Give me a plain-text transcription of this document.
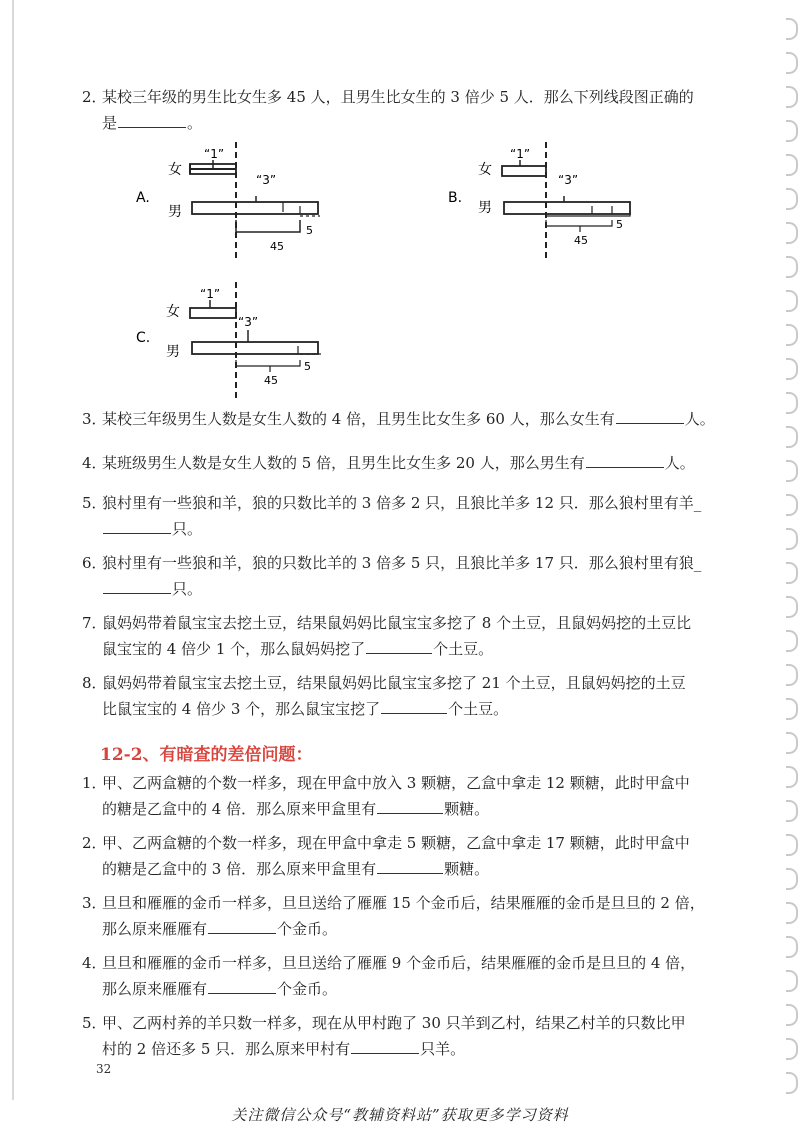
2．
某校三年级的男生比女生多 45 人，且男生比女生的 3 倍少 5 人．那么下列线段图正确的
是	。
A.
女
男
“1”
“3”
5
45
B.
女
男
“1”
“3”
5
45
C.
女
男
“1”
“3”
5
45
3．
某校三年级男生人数是女生人数的 4 倍，且男生比女生多 60 人，那么女生有	人。
4．
某班级男生人数是女生人数的 5 倍，且男生比女生多 20 人，那么男生有	人。
5．
狼村里有一些狼和羊，狼的只数比羊的 3 倍多 2 只，且狼比羊多 12 只．那么狼村里有羊_
只。
6．
狼村里有一些狼和羊，狼的只数比羊的 3 倍多 5 只，且狼比羊多 17 只．那么狼村里有狼_
只。
7．
鼠妈妈带着鼠宝宝去挖土豆，结果鼠妈妈比鼠宝宝多挖了 8 个土豆，且鼠妈妈挖的土豆比
鼠宝宝的 4 倍少 1 个，那么鼠妈妈挖了	个土豆。
8．
鼠妈妈带着鼠宝宝去挖土豆，结果鼠妈妈比鼠宝宝多挖了 21 个土豆，且鼠妈妈挖的土豆
比鼠宝宝的 4 倍少 3 个，那么鼠宝宝挖了	个土豆。
12-2、有暗查的差倍问题：
1．
甲、乙两盒糖的个数一样多，现在甲盒中放入 3 颗糖，乙盒中拿走 12 颗糖，此时甲盒中
的糖是乙盒中的 4 倍．那么原来甲盒里有	颗糖。
2．
甲、乙两盒糖的个数一样多，现在甲盒中拿走 5 颗糖，乙盒中拿走 17 颗糖，此时甲盒中
的糖是乙盒中的 3 倍．那么原来甲盒里有	颗糖。
3．
旦旦和雁雁的金币一样多，旦旦送给了雁雁 15 个金币后，结果雁雁的金币是旦旦的 2 倍，
那么原来雁雁有	个金币。
4．
旦旦和雁雁的金币一样多，旦旦送给了雁雁 9 个金币后，结果雁雁的金币是旦旦的 4 倍，
那么原来雁雁有	个金币。
5．
甲、乙两村养的羊只数一样多，现在从甲村跑了 30 只羊到乙村，结果乙村羊的只数比甲
村的 2 倍还多 5 只．那么原来甲村有	只羊。
32
关注微信公众号“教辅资料站”获取更多学习资料
